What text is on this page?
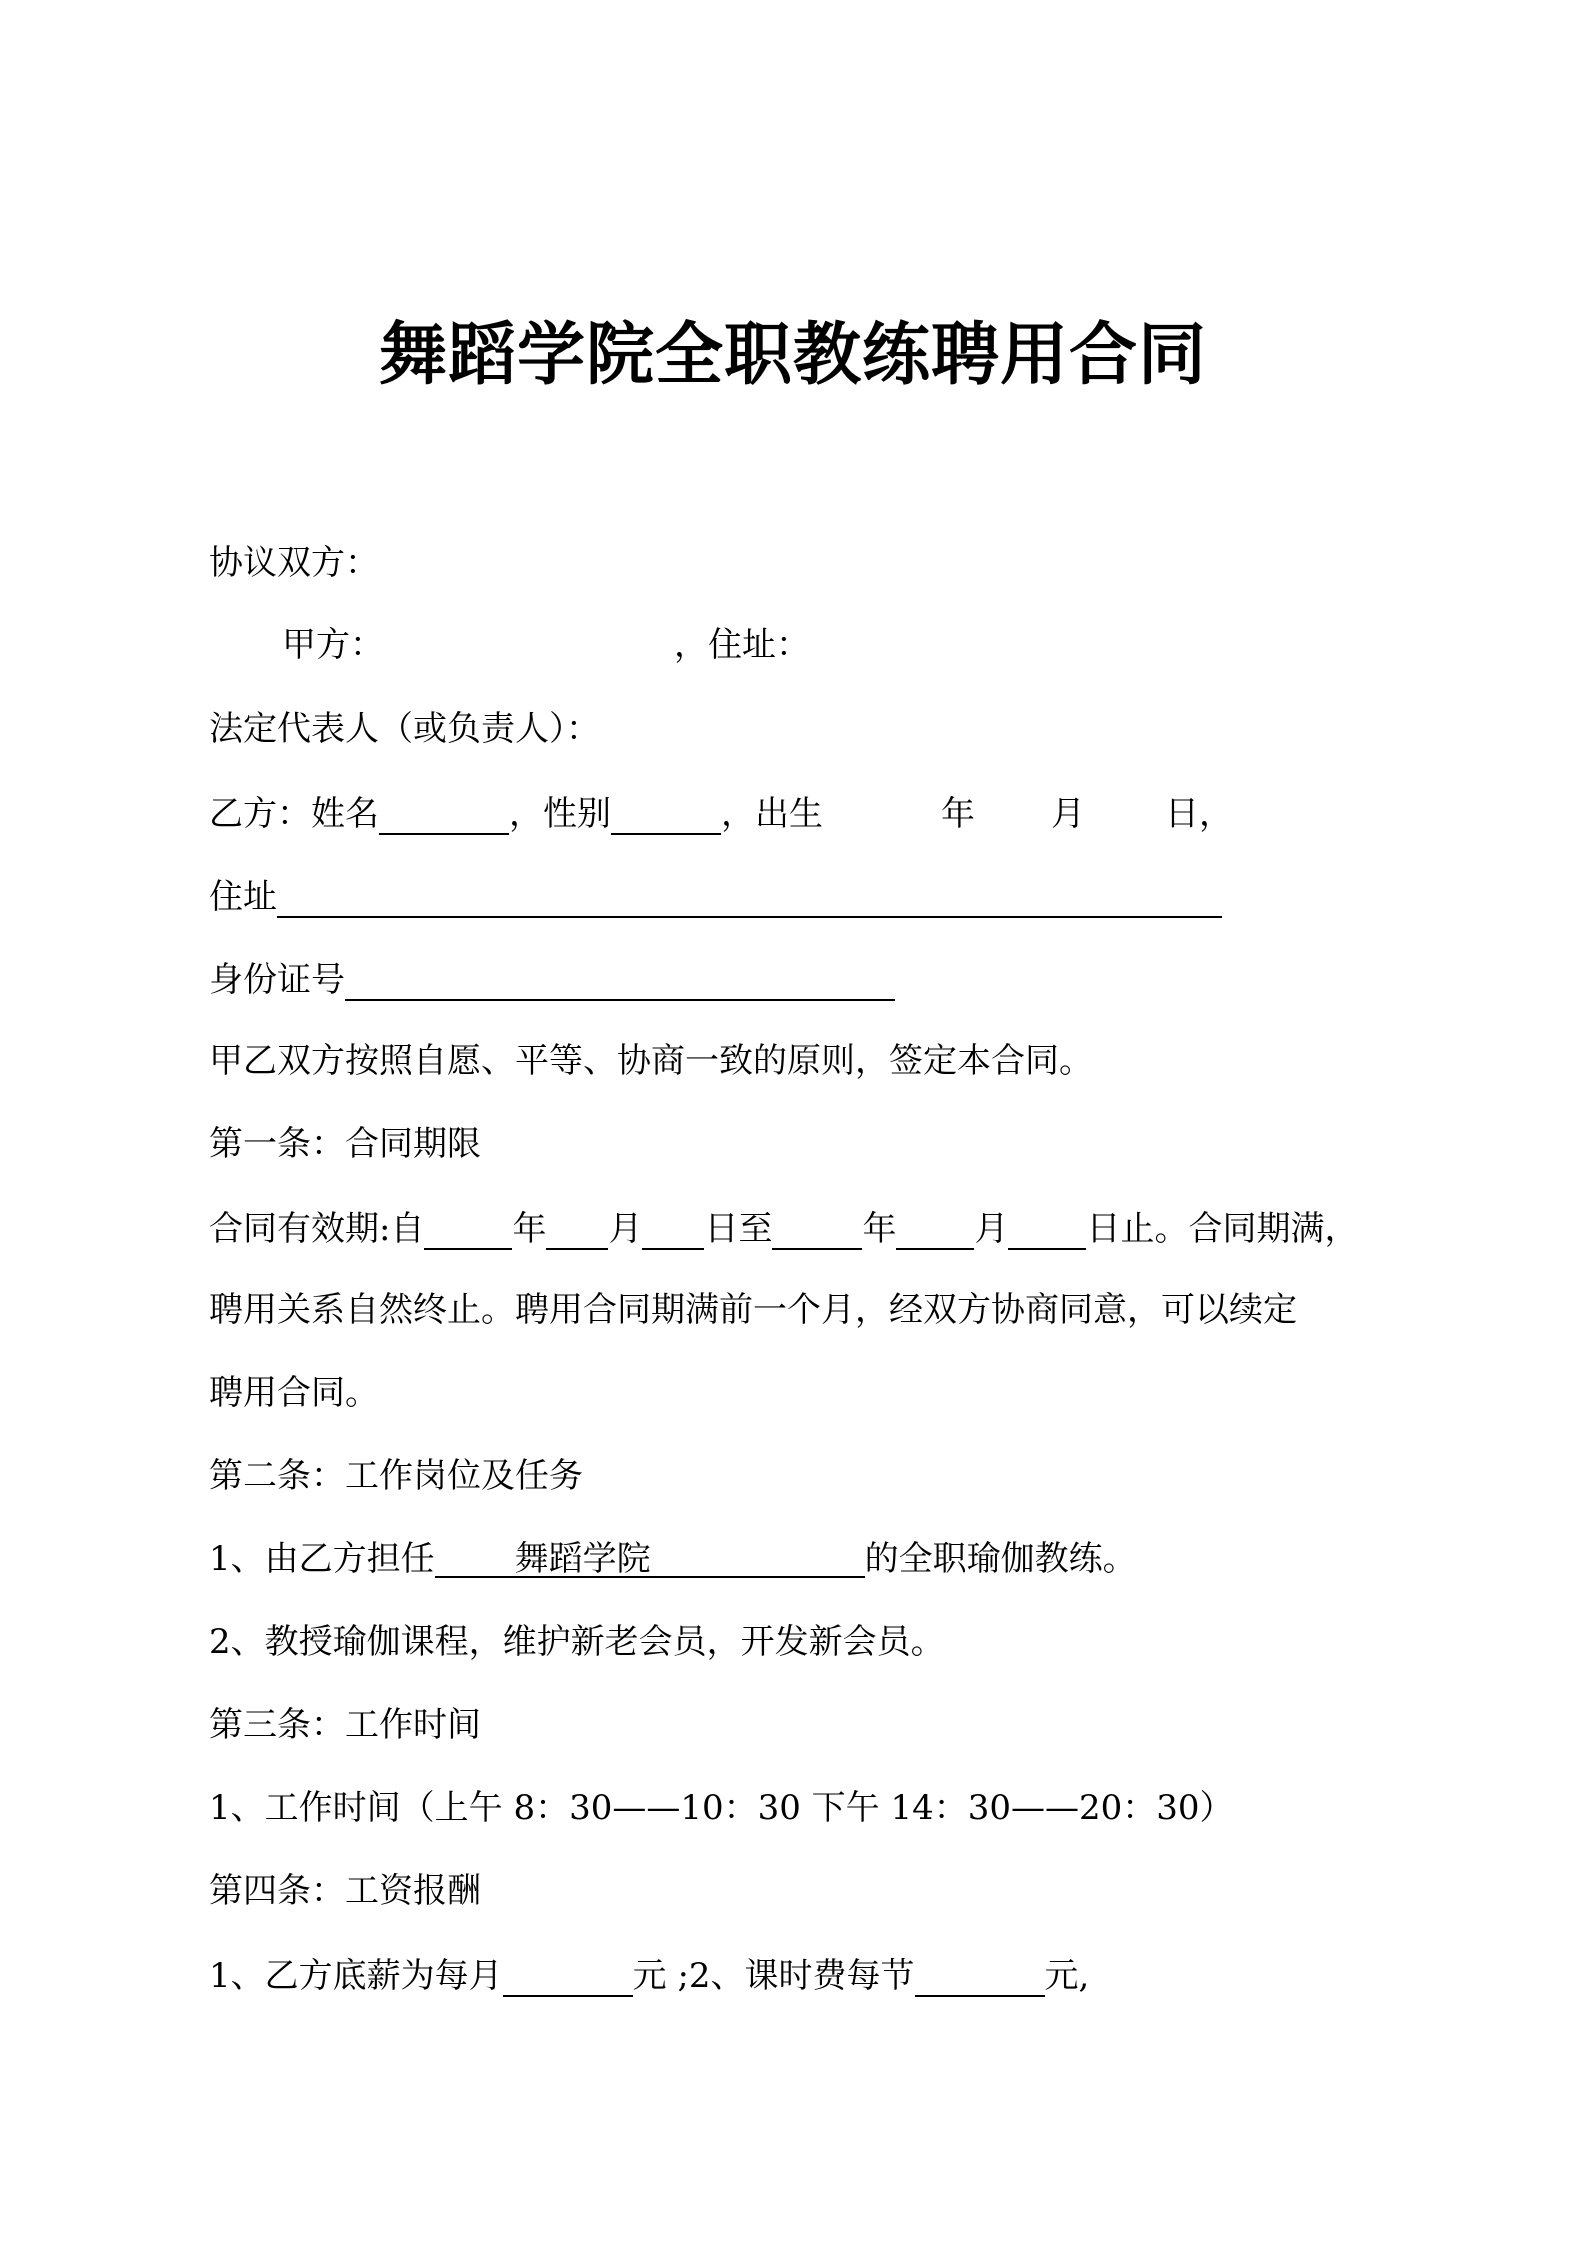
舞蹈学院全职教练聘用合同
协议双方：
甲方：	，住址：
法定代表人（或负责人）：
乙方：姓名	，性别	，出生	年 月 日，
住址
身份证号
甲乙双方按照自愿、平等、协商一致的原则，签定本合同。
第一条：合同期限
合同有效期:自	年 月 日至	年 月 日止。合同期满，
聘用关系自然终止。聘用合同期满前一个月，经双方协商同意，可以续定
聘用合同。
第二条：工作岗位及任务
1、由乙方担任 舞蹈学院	的全职瑜伽教练。
2、教授瑜伽课程，维护新老会员，开发新会员。
第三条：工作时间
1、工作时间（上午 8：30——10：30 下午 14：30——20：30）
第四条：工资报酬
1、乙方底薪为每月	元 ;2、课时费每节	元,
